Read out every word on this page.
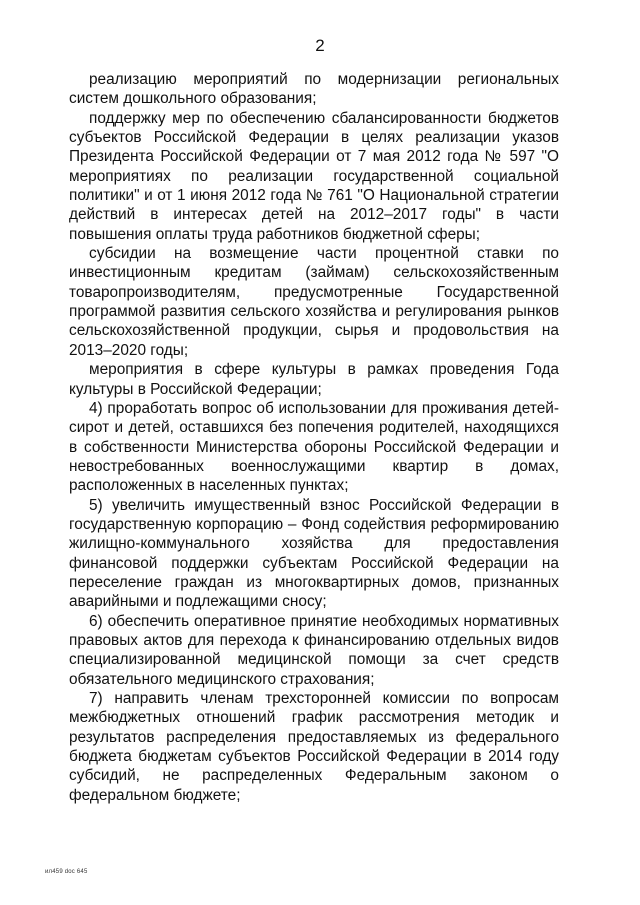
2

реализацию мероприятий по модернизации региональных систем дошкольного образования;

поддержку мер по обеспечению сбалансированности бюджетов субъектов Российской Федерации в целях реализации указов Президента Российской Федерации от 7 мая 2012 года № 597 "О мероприятиях по реализации государственной социальной политики" и от 1 июня 2012 года № 761 "О Национальной стратегии действий в интересах детей на 2012–2017 годы" в части повышения оплаты труда работников бюджетной сферы;

субсидии на возмещение части процентной ставки по инвестиционным кредитам (займам) сельскохозяйственным товаропроизводителям, предусмотренные Государственной программой развития сельского хозяйства и регулирования рынков сельскохозяйственной продукции, сырья и продовольствия на 2013–2020 годы;

мероприятия в сфере культуры в рамках проведения Года культуры в Российской Федерации;

4) проработать вопрос об использовании для проживания детей-сирот и детей, оставшихся без попечения родителей, находящихся в собственности Министерства обороны Российской Федерации и невостребованных военнослужащими квартир в домах, расположенных в населенных пунктах;

5) увеличить имущественный взнос Российской Федерации в государственную корпорацию – Фонд содействия реформированию жилищно-коммунального хозяйства для предоставления финансовой поддержки субъектам Российской Федерации на переселение граждан из многоквартирных домов, признанных аварийными и подлежащими сносу;

6) обеспечить оперативное принятие необходимых нормативных правовых актов для перехода к финансированию отдельных видов специализированной медицинской помощи за счет средств обязательного медицинского страхования;

7) направить членам трехсторонней комиссии по вопросам межбюджетных отношений график рассмотрения методик и результатов распределения предоставляемых из федерального бюджета бюджетам субъектов Российской Федерации в 2014 году субсидий, не распределенных Федеральным законом о федеральном бюджете;

ил459 doc 645
